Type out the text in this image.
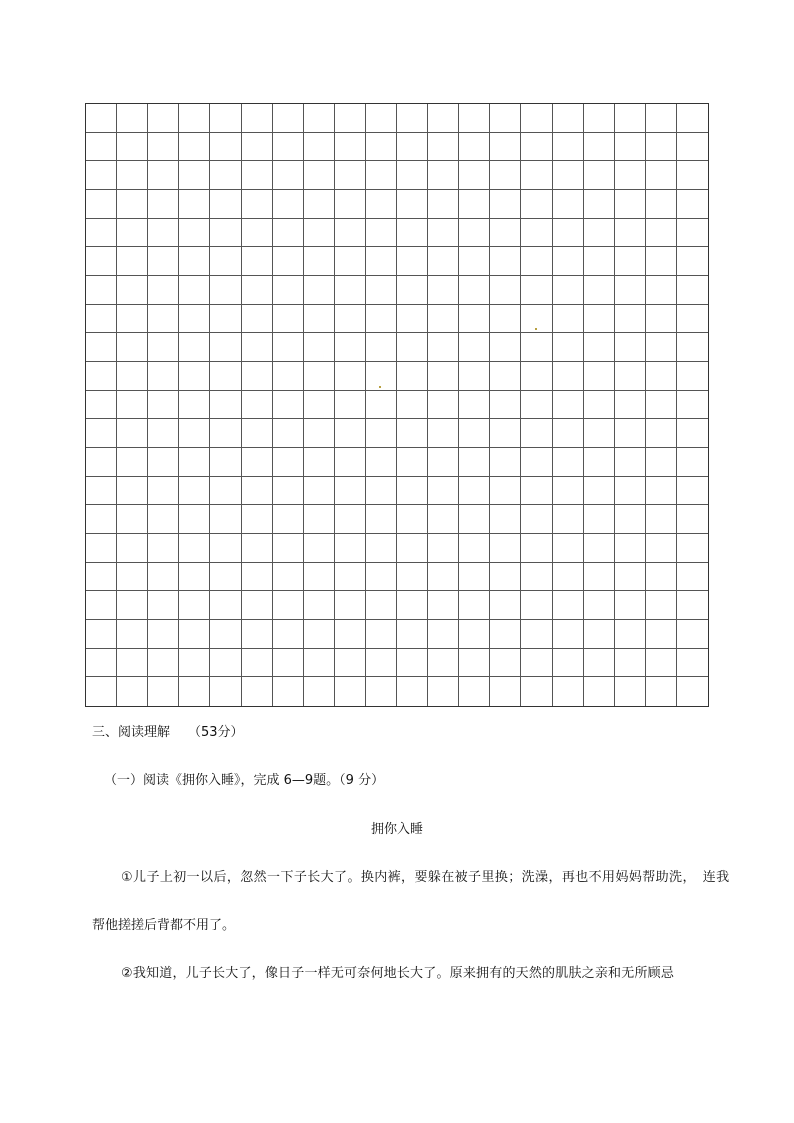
三、阅读理解 （53分）
（一）阅读《拥你入睡》，完成 6—9题。（9 分）
拥你入睡
①儿子上初一以后，忽然一下子长大了。换内裤，要躲在被子里换；洗澡，再也不用妈妈帮助洗，　连我
帮他搓搓后背都不用了。
②我知道，儿子长大了，像日子一样无可奈何地长大了。原来拥有的天然的肌肤之亲和无所顾忌
